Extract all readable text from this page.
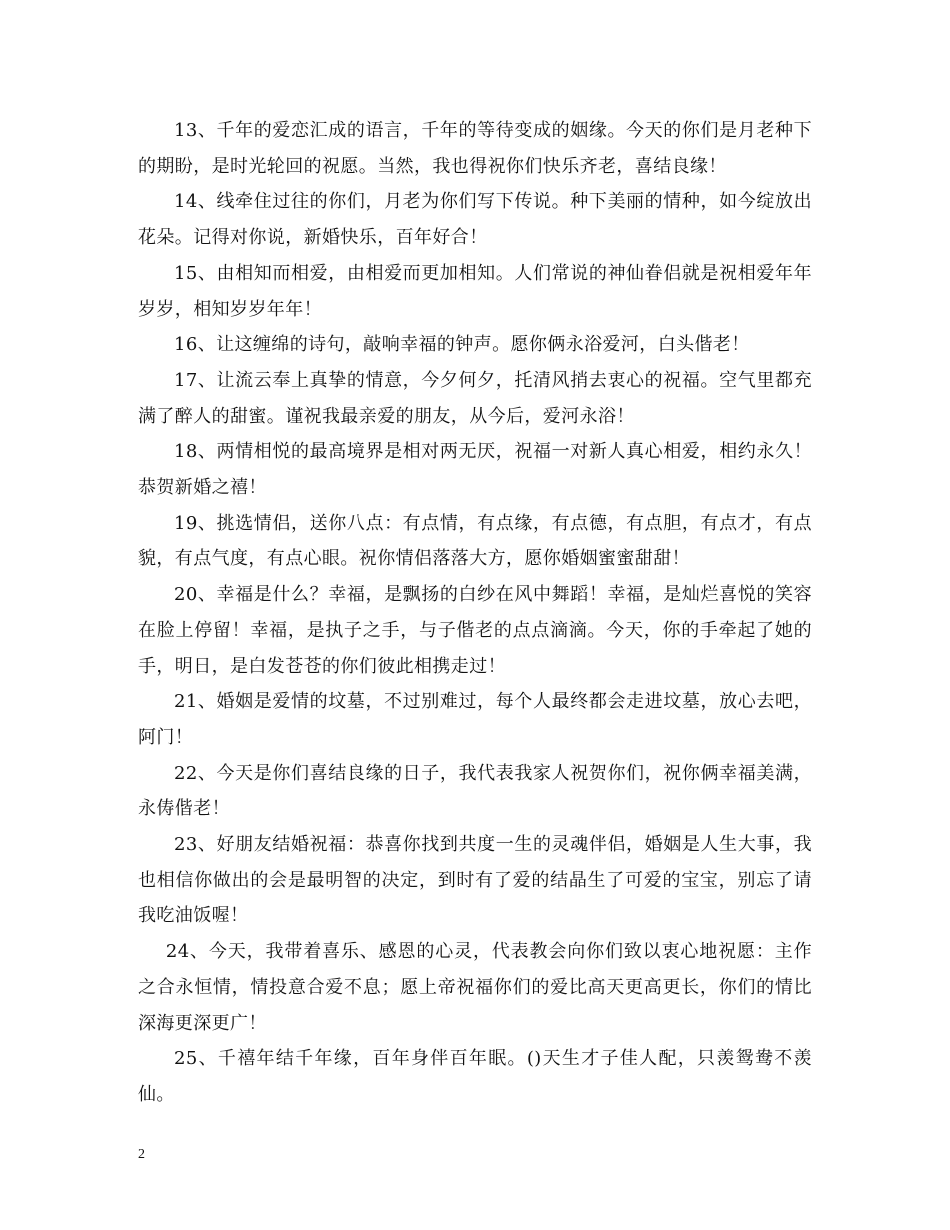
13、千年的爱恋汇成的语言，千年的等待变成的姻缘。今天的你们是月老种下的期盼，是时光轮回的祝愿。当然，我也得祝你们快乐齐老，喜结良缘！

14、线牵住过往的你们，月老为你们写下传说。种下美丽的情种，如今绽放出花朵。记得对你说，新婚快乐，百年好合！

15、由相知而相爱，由相爱而更加相知。人们常说的神仙眷侣就是祝相爱年年岁岁，相知岁岁年年！

16、让这缠绵的诗句，敲响幸福的钟声。愿你俩永浴爱河，白头偕老！

17、让流云奉上真挚的情意，今夕何夕，托清风捎去衷心的祝福。空气里都充满了醉人的甜蜜。谨祝我最亲爱的朋友，从今后，爱河永浴！

18、两情相悦的最高境界是相对两无厌，祝福一对新人真心相爱，相约永久！恭贺新婚之禧！

19、挑选情侣，送你八点：有点情，有点缘，有点德，有点胆，有点才，有点貌，有点气度，有点心眼。祝你情侣落落大方，愿你婚姻蜜蜜甜甜！

20、幸福是什么？幸福，是飘扬的白纱在风中舞蹈！幸福，是灿烂喜悦的笑容在脸上停留！幸福，是执子之手，与子偕老的点点滴滴。今天，你的手牵起了她的手，明日，是白发苍苍的你们彼此相携走过！

21、婚姻是爱情的坟墓，不过别难过，每个人最终都会走进坟墓，放心去吧，阿门！

22、今天是你们喜结良缘的日子，我代表我家人祝贺你们，祝你俩幸福美满，永俦偕老！

23、好朋友结婚祝福：恭喜你找到共度一生的灵魂伴侣，婚姻是人生大事，我也相信你做出的会是最明智的决定，到时有了爱的结晶生了可爱的宝宝，别忘了请我吃油饭喔！

24、今天，我带着喜乐、感恩的心灵，代表教会向你们致以衷心地祝愿：主作之合永恒情，情投意合爱不息；愿上帝祝福你们的爱比高天更高更长，你们的情比深海更深更广！

25、千禧年结千年缘，百年身伴百年眠。()天生才子佳人配，只羡鸳鸯不羡仙。

2
